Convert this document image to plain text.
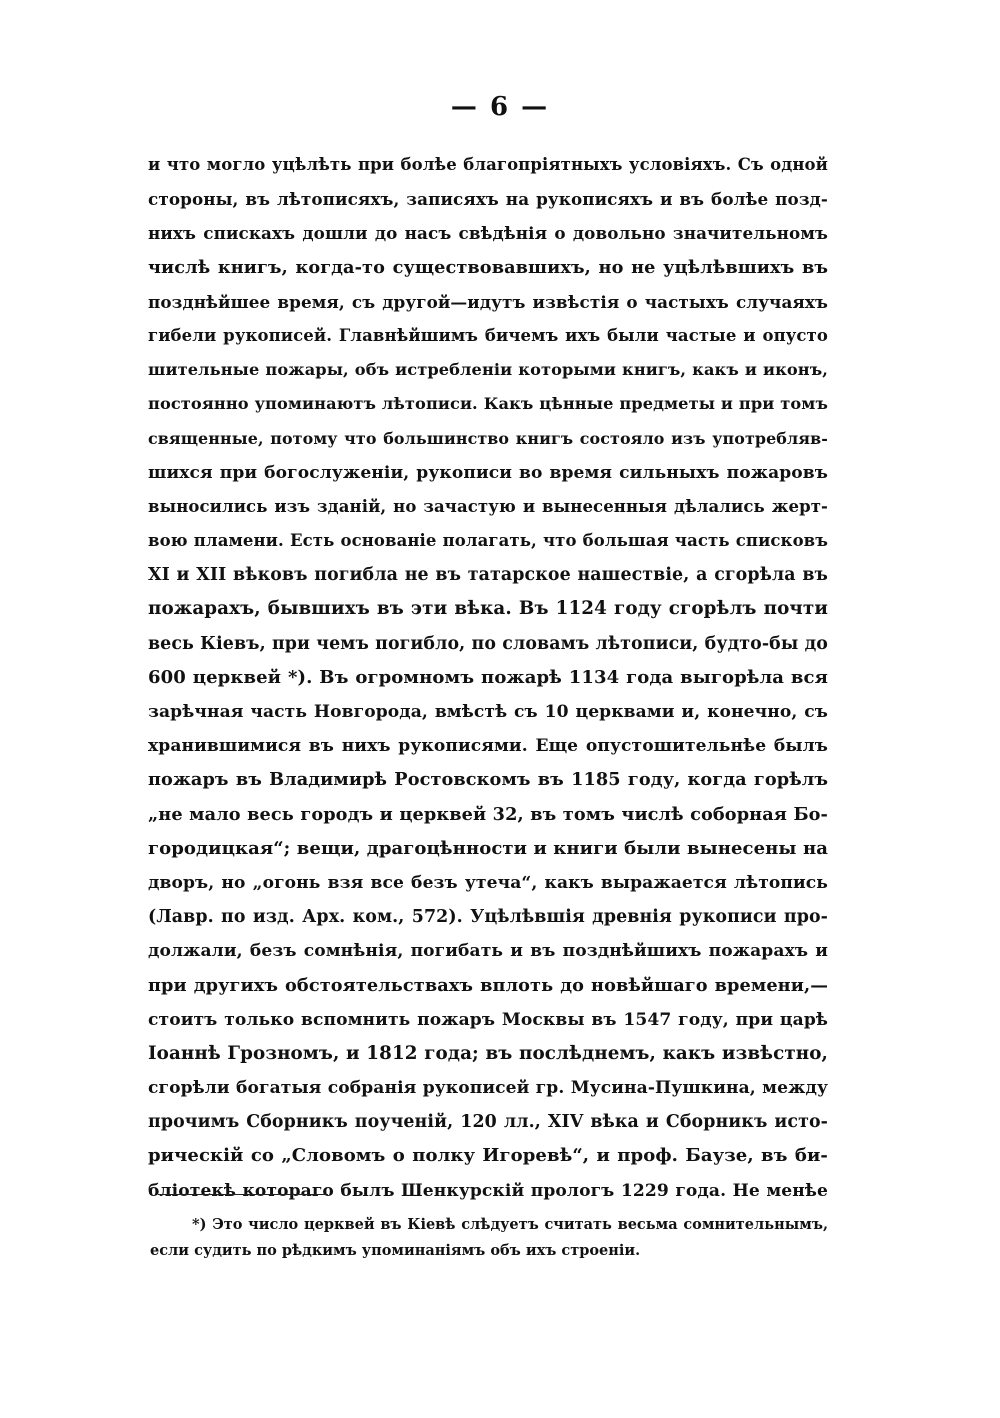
— 6 —
и что могло уцѣлѣть при болѣе благопріятныхъ условіяхъ. Съ одной
стороны, въ лѣтописяхъ, записяхъ на рукописяхъ и въ болѣе позд-
нихъ спискахъ дошли до насъ свѣдѣнія о довольно значительномъ
числѣ книгъ, когда-то существовавшихъ, но не уцѣлѣвшихъ въ
позднѣйшее время, съ другой—идутъ извѣстія о частыхъ случаяхъ
гибели рукописей. Главнѣйшимъ бичемъ ихъ были частые и опусто
шительные пожары, объ истребленіи которыми книгъ, какъ и иконъ,
постоянно упоминаютъ лѣтописи. Какъ цѣнные предметы и при томъ
священные, потому что большинство книгъ состояло изъ употребляв-
шихся при богослуженіи, рукописи во время сильныхъ пожаровъ
выносились изъ зданій, но зачастую и вынесенныя дѣлались жерт-
вою пламени. Есть основаніе полагать, что большая часть списковъ
XI и XII вѣковъ погибла не въ татарское нашествіе, а сгорѣла въ
пожарахъ, бывшихъ въ эти вѣка. Въ 1124 году сгорѣлъ почти
весь Кіевъ, при чемъ погибло, по словамъ лѣтописи, будто-бы до
600 церквей *). Въ огромномъ пожарѣ 1134 года выгорѣла вся
зарѣчная часть Новгорода, вмѣстѣ съ 10 церквами и, конечно, съ
хранившимися въ нихъ рукописями. Еще опустошительнѣе былъ
пожаръ въ Владимирѣ Ростовскомъ въ 1185 году, когда горѣлъ
„не мало весь городъ и церквей 32, въ томъ числѣ соборная Бо-
городицкая“; вещи, драгоцѣнности и книги были вынесены на
дворъ, но „огонь взя все безъ утеча“, какъ выражается лѣтопись
(Лавр. по изд. Арх. ком., 572). Уцѣлѣвшія древнія рукописи про-
должали, безъ сомнѣнія, погибать и въ позднѣйшихъ пожарахъ и
при другихъ обстоятельствахъ вплоть до новѣйшаго времени,—
стоитъ только вспомнить пожаръ Москвы въ 1547 году, при царѣ
Іоаннѣ Грозномъ, и 1812 года; въ послѣднемъ, какъ извѣстно,
сгорѣли богатыя собранія рукописей гр. Мусина-Пушкина, между
прочимъ Сборникъ поученій, 120 лл., XIV вѣка и Сборникъ исто-
рическій со „Словомъ о полку Игоревѣ“, и проф. Баузе, въ би-
бліотекѣ котораго былъ Шенкурскій прологъ 1229 года. Не менѣе
*) Это число церквей въ Кіевѣ слѣдуетъ считать весьма сомнительнымъ,
если судить по рѣдкимъ упоминаніямъ объ ихъ строеніи.
